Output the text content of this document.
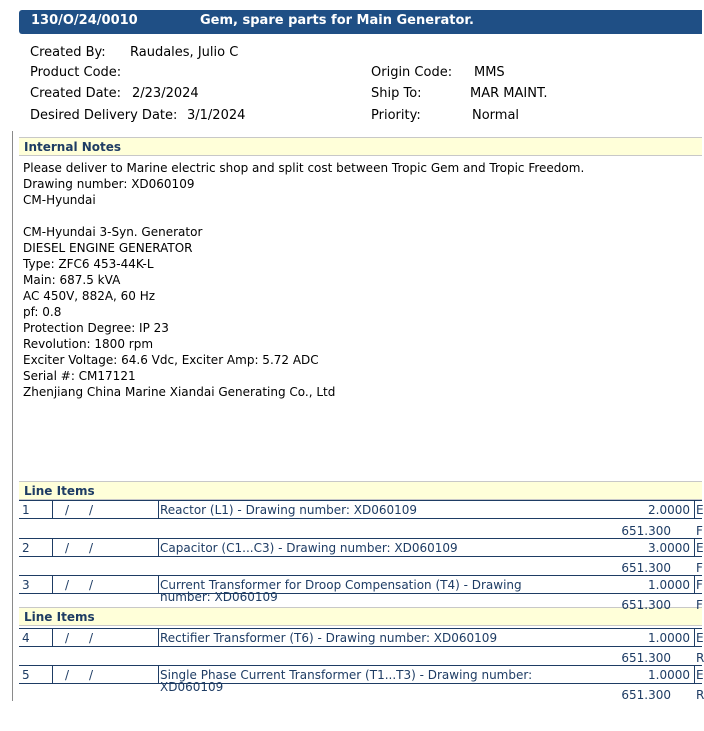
130/O/24/0010	Gem, spare parts for Main Generator.
Created By: Raudales, Julio C
Product Code:	Origin Code: MMS
Created Date: 2/23/2024	Ship To:	MAR MAINT.
Desired Delivery Date: 3/1/2024	Priority:	Normal
Internal Notes
Please deliver to Marine electric shop and split cost between Tropic Gem and Tropic Freedom.
Drawing number: XD060109
CM-Hyundai

CM-Hyundai 3-Syn. Generator
DIESEL ENGINE GENERATOR
Type: ZFC6 453-44K-L
Main: 687.5 kVA
AC 450V, 882A, 60 Hz
pf: 0.8
Protection Degree: IP 23
Revolution: 1800 rpm
Exciter Voltage: 64.6 Vdc, Exciter Amp: 5.72 ADC
Serial #: CM17121
Zhenjiang China Marine Xiandai Generating Co., Ltd
Line Items
Line Items
1	/ /	Reactor (L1) - Drawing number: XD060109	2.0000 E
651.300 F
2	/ /	Capacitor (C1...C3) - Drawing number: XD060109	3.0000 E
651.300 F
3	/ /	Current Transformer for Droop Compensation (T4) - Drawing	1.0000 F
number: XD060109
651.300 F
4	/ /	Rectifier Transformer (T6) - Drawing number: XD060109	1.0000 E
651.300 R
5	/ /	Single Phase Current Transformer (T1...T3) - Drawing number:	1.0000 E
XD060109
651.300 R
